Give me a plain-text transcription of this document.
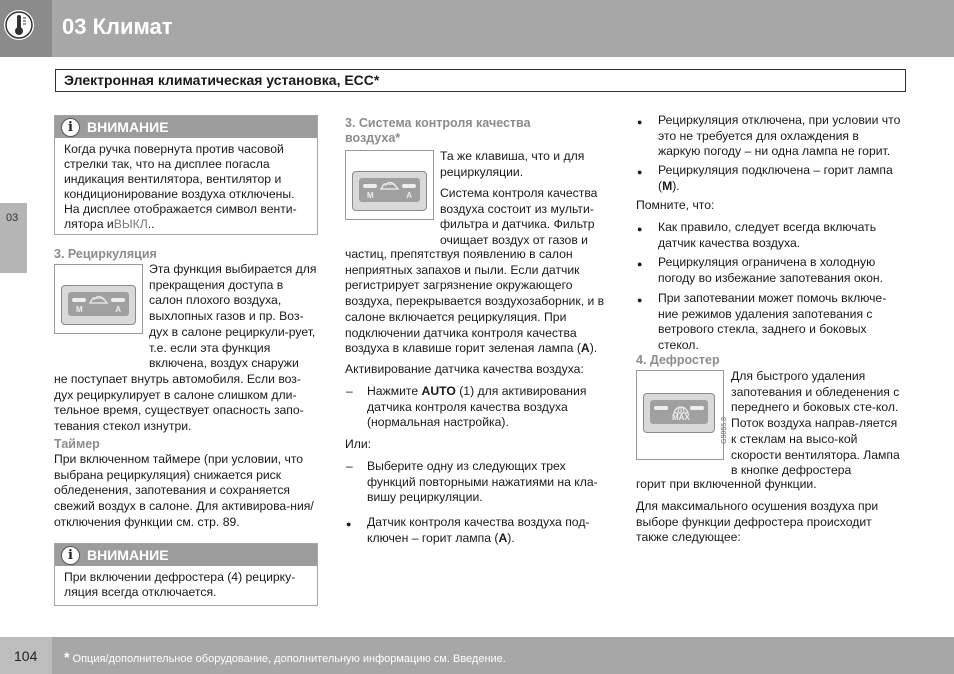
03 Климат
03
Электронная климатическая установка, ECC*
i	ВНИМАНИЕ
Когда ручка повернута против часовой стрелки так, что на дисплее погасла индикация вентилятора, вентилятор и кондиционирование воздуха отключены. На дисплее отображается символ венти-лятора иВЫКЛ..
3. Рециркуляция
M	A
Эта функция выбирается для прекращения доступа в салон плохого воздуха, выхлопных газов и пр. Воз-дух в салоне рециркули-рует, т.е. если эта функция включена, воздух снаружи
не поступает внутрь автомобиля. Если воз-дух рециркулирует в салоне слишком дли-тельное время, существует опасность запо-тевания стекол изнутри.
Таймер
При включенном таймере (при условии, что выбрана рециркуляция) снижается риск обледенения, запотевания и сохраняется свежий воздух в салоне. Для активирова-ния/отключения функции см. стр. 89.
i	ВНИМАНИЕ
При включении дефростера (4) рецирку-ляция всегда отключается.
3. Система контроля качества воздуха*
M	A
Та же клавиша, что и для рециркуляции.
Система контроля качества воздуха состоит из мульти-фильтра и датчика. Фильтр очищает воздух от газов и
частиц, препятствуя появлению в салон неприятных запахов и пыли. Если датчик регистрирует загрязнение окружающего воздуха, перекрывается воздухозаборник, и в салоне включается рециркуляция. При подключении датчика контроля качества воздуха в клавише горит зеленая лампа (A).
Активирование датчика качества воздуха:
– Нажмите AUTO (1) для активирования датчика контроля качества воздуха (нормальная настройка).
Или:
– Выберите одну из следующих трех функций повторными нажатиями на кла-вишу рециркуляции.
● Датчик контроля качества воздуха под-ключен – горит лампа (A).
● Рециркуляция отключена, при условии что это не требуется для охлаждения в жаркую погоду – ни одна лампа не горит.
● Рециркуляция подключена – горит лампа (M).
Помните, что:
● Как правило, следует всегда включать датчик качества воздуха.
● Рециркуляция ограничена в холодную погоду во избежание запотевания окон.
● При запотевании может помочь включе-ние режимов удаления запотевания с ветрового стекла, заднего и боковых стекол.
4. Дефростер
MAX	G9055.8
Для быстрого удаления запотевания и обледенения с переднего и боковых сте-кол. Поток воздуха направ-ляется к стеклам на высо-кой скорости вентилятора. Лампа в кнопке дефростера
горит при включенной функции.
Для максимального осушения воздуха при выборе функции дефростера происходит также следующее:
104 * Опция/дополнительное оборудование, дополнительную информацию см. Введение.
